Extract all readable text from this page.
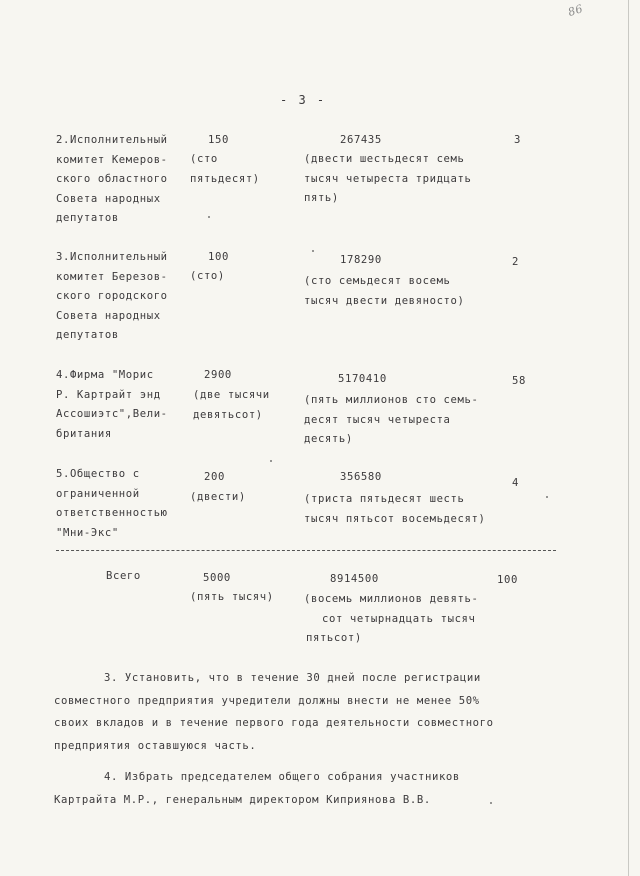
86
- 3 -
2.Исполнительный
комитет Кемеров-
ского областного
Совета народных
депутатов
150
(сто
пятьдесят)
267435
(двести шестьдесят семь
тысяч четыреста тридцать
пять)
3
3.Исполнительный
комитет Березов-
ского городского
Совета народных
депутатов
100
(сто)
178290
(сто семьдесят восемь
тысяч двести девяносто)
2
4.Фирма "Морис
Р. Картрайт энд
Ассошиэтс",Вели-
британия
2900
(две тысячи
девятьсот)
5170410
(пять миллионов сто семь-
десят тысяч четыреста
десять)
58
5.Общество с
ограниченной
ответственностью
"Мни-Экс"
200
(двести)
356580
(триста пятьдесят шесть
тысяч пятьсот восемьдесят)
4
Всего	5000
(пять тысяч)
8914500
(восемь миллионов девять-
сот четырнадцать тысяч
пятьсот)
100
3. Установить, что в течение 30 дней после регистрации
совместного предприятия учредители должны внести не менее 50%
своих вкладов и в течение первого года деятельности совместного
предприятия оставшуюся часть.
4. Избрать председателем общего собрания участников
Картрайта М.Р., генеральным директором Киприянова В.В.
